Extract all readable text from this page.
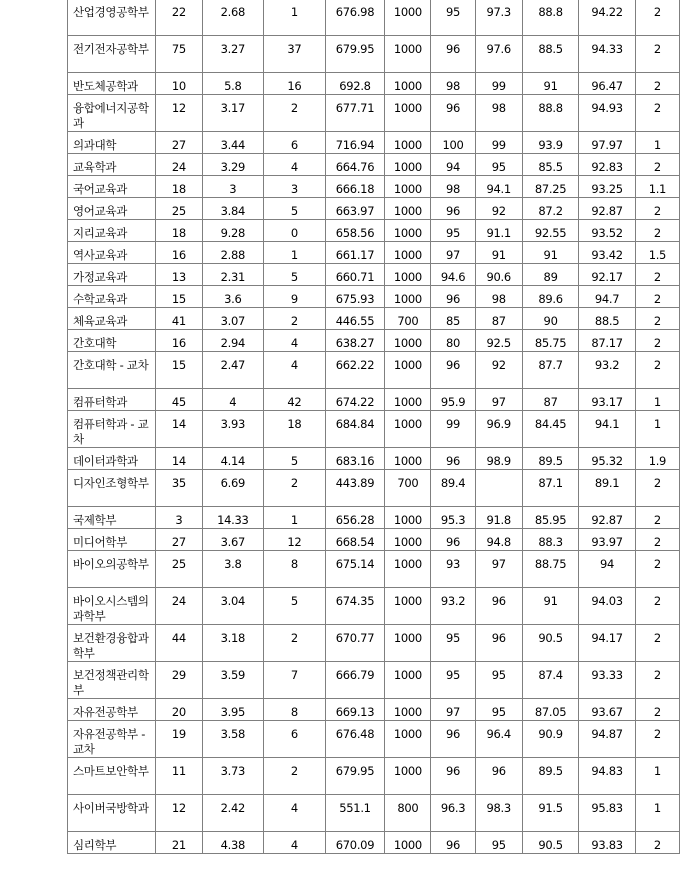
산업경영공학부	22	2.68	1	676.98	1000	95	97.3	88.8	94.22	2
전기전자공학부	75	3.27	37	679.95	1000	96	97.6	88.5	94.33	2
반도체공학과	10	5.8	16	692.8	1000	98	99	91	96.47	2
융합에너지공학과	12	3.17	2	677.71	1000	96	98	88.8	94.93	2
의과대학	27	3.44	6	716.94	1000	100	99	93.9	97.97	1
교육학과	24	3.29	4	664.76	1000	94	95	85.5	92.83	2
국어교육과	18	3	3	666.18	1000	98	94.1	87.25	93.25	1.1
영어교육과	25	3.84	5	663.97	1000	96	92	87.2	92.87	2
지리교육과	18	9.28	0	658.56	1000	95	91.1	92.55	93.52	2
역사교육과	16	2.88	1	661.17	1000	97	91	91	93.42	1.5
가정교육과	13	2.31	5	660.71	1000	94.6	90.6	89	92.17	2
수학교육과	15	3.6	9	675.93	1000	96	98	89.6	94.7	2
체육교육과	41	3.07	2	446.55	700	85	87	90	88.5	2
간호대학	16	2.94	4	638.27	1000	80	92.5	85.75	87.17	2
간호대학 - 교차	15	2.47	4	662.22	1000	96	92	87.7	93.2	2
컴퓨터학과	45	4	42	674.22	1000	95.9	97	87	93.17	1
컴퓨터학과 - 교차	14	3.93	18	684.84	1000	99	96.9	84.45	94.1	1
데이터과학과	14	4.14	5	683.16	1000	96	98.9	89.5	95.32	1.9
디자인조형학부	35	6.69	2	443.89	700	89.4		87.1	89.1	2
국제학부	3	14.33	1	656.28	1000	95.3	91.8	85.95	92.87	2
미디어학부	27	3.67	12	668.54	1000	96	94.8	88.3	93.97	2
바이오의공학부	25	3.8	8	675.14	1000	93	97	88.75	94	2
바이오시스템의과학부	24	3.04	5	674.35	1000	93.2	96	91	94.03	2
보건환경융합과학부	44	3.18	2	670.77	1000	95	96	90.5	94.17	2
보건정책관리학부	29	3.59	7	666.79	1000	95	95	87.4	93.33	2
자유전공학부	20	3.95	8	669.13	1000	97	95	87.05	93.67	2
자유전공학부 - 교차	19	3.58	6	676.48	1000	96	96.4	90.9	94.87	2
스마트보안학부	11	3.73	2	679.95	1000	96	96	89.5	94.83	1
사이버국방학과	12	2.42	4	551.1	800	96.3	98.3	91.5	95.83	1
심리학부	21	4.38	4	670.09	1000	96	95	90.5	93.83	2
